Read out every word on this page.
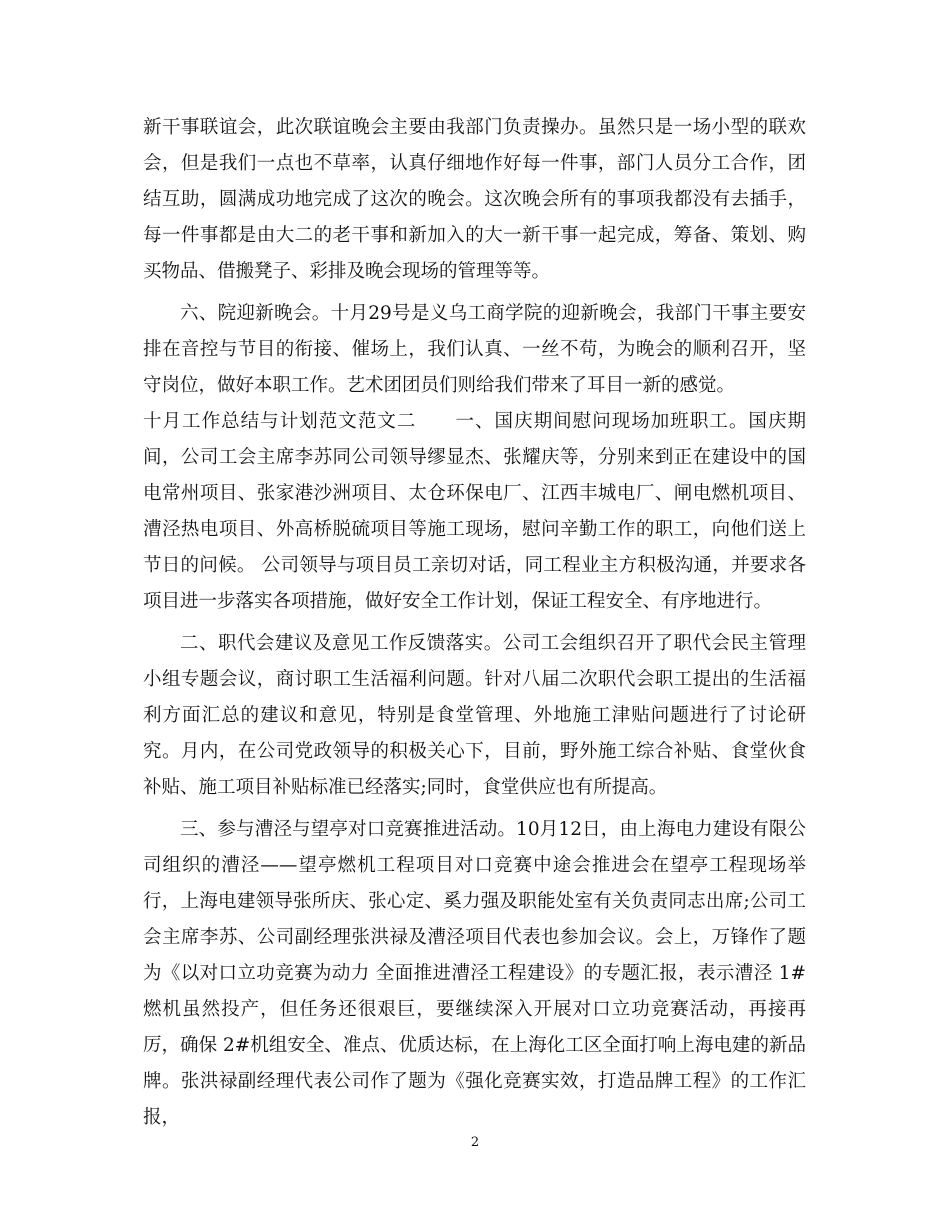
新干事联谊会，此次联谊晚会主要由我部门负责操办。虽然只是一场小型的联欢会，但是我们一点也不草率，认真仔细地作好每一件事，部门人员分工合作，团结互助，圆满成功地完成了这次的晚会。这次晚会所有的事项我都没有去插手，每一件事都是由大二的老干事和新加入的大一新干事一起完成，筹备、策划、购买物品、借搬凳子、彩排及晚会现场的管理等等。

六、院迎新晚会。十月29号是义乌工商学院的迎新晚会，我部门干事主要安排在音控与节目的衔接、催场上，我们认真、一丝不苟，为晚会的顺利召开，坚守岗位，做好本职工作。艺术团团员们则给我们带来了耳目一新的感觉。

十月工作总结与计划范文范文二　　一、国庆期间慰问现场加班职工。国庆期间，公司工会主席李苏同公司领导缪显杰、张耀庆等，分别来到正在建设中的国电常州项目、张家港沙洲项目、太仓环保电厂、江西丰城电厂、闸电燃机项目、漕泾热电项目、外高桥脱硫项目等施工现场，慰问辛勤工作的职工，向他们送上节日的问候。 公司领导与项目员工亲切对话，同工程业主方积极沟通，并要求各项目进一步落实各项措施，做好安全工作计划，保证工程安全、有序地进行。

二、职代会建议及意见工作反馈落实。公司工会组织召开了职代会民主管理小组专题会议，商讨职工生活福利问题。针对八届二次职代会职工提出的生活福利方面汇总的建议和意见，特别是食堂管理、外地施工津贴问题进行了讨论研究。月内，在公司党政领导的积极关心下，目前，野外施工综合补贴、食堂伙食补贴、施工项目补贴标准已经落实;同时，食堂供应也有所提高。

三、参与漕泾与望亭对口竞赛推进活动。10月12日，由上海电力建设有限公司组织的漕泾——望亭燃机工程项目对口竞赛中途会推进会在望亭工程现场举行，上海电建领导张所庆、张心定、奚力强及职能处室有关负责同志出席;公司工会主席李苏、公司副经理张洪禄及漕泾项目代表也参加会议。会上，万锋作了题为《以对口立功竞赛为动力 全面推进漕泾工程建设》的专题汇报，表示漕泾 1#燃机虽然投产，但任务还很艰巨，要继续深入开展对口立功竞赛活动，再接再厉，确保 2#机组安全、准点、优质达标，在上海化工区全面打响上海电建的新品牌。张洪禄副经理代表公司作了题为《强化竞赛实效，打造品牌工程》的工作汇报，

2
